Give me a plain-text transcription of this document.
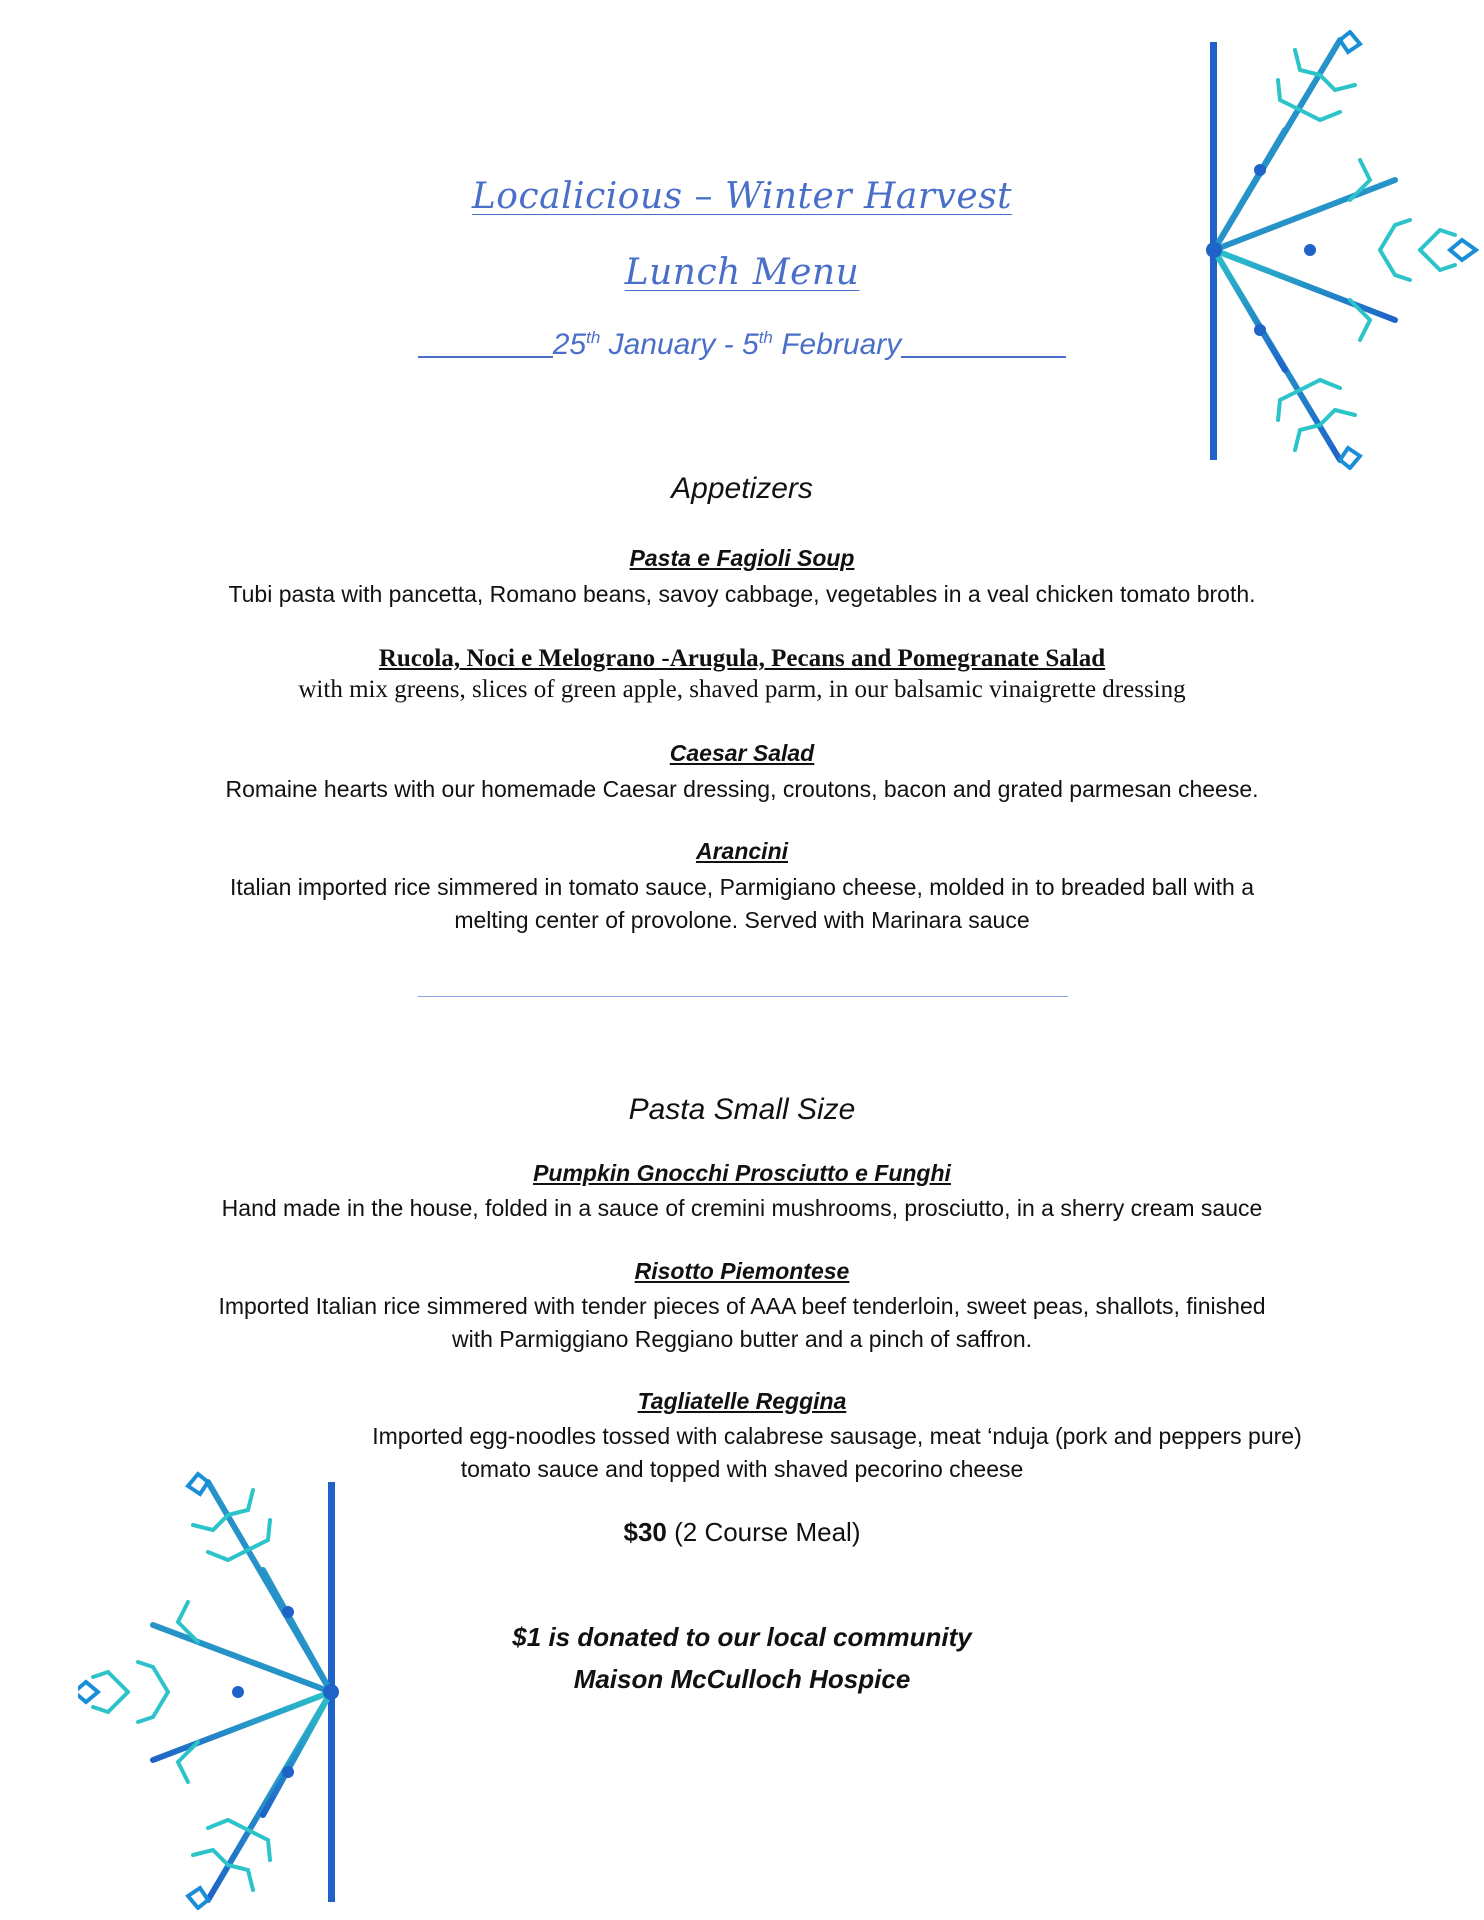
Localicious – Winter Harvest
Lunch Menu
25th January - 5th February
Appetizers
Pasta e Fagioli Soup
Tubi pasta with pancetta, Romano beans, savoy cabbage, vegetables in a veal chicken tomato broth.
Rucola, Noci e Melograno -Arugula, Pecans and Pomegranate Salad
with mix greens, slices of green apple, shaved parm, in our balsamic vinaigrette dressing
Caesar Salad
Romaine hearts with our homemade Caesar dressing, croutons, bacon and grated parmesan cheese.
Arancini
Italian imported rice simmered in tomato sauce, Parmigiano cheese, molded in to breaded ball with a
melting center of provolone. Served with Marinara sauce
Pasta Small Size
Pumpkin Gnocchi Prosciutto e Funghi
Hand made in the house, folded in a sauce of cremini mushrooms, prosciutto, in a sherry cream sauce
Risotto Piemontese
Imported Italian rice simmered with tender pieces of AAA beef tenderloin, sweet peas, shallots, finished
with Parmiggiano Reggiano butter and a pinch of saffron.
Tagliatelle Reggina
Imported egg-noodles tossed with calabrese sausage, meat ‘nduja (pork and peppers pure)
tomato sauce and topped with shaved pecorino cheese
$30 (2 Course Meal)
$1 is donated to our local community
Maison McCulloch Hospice
